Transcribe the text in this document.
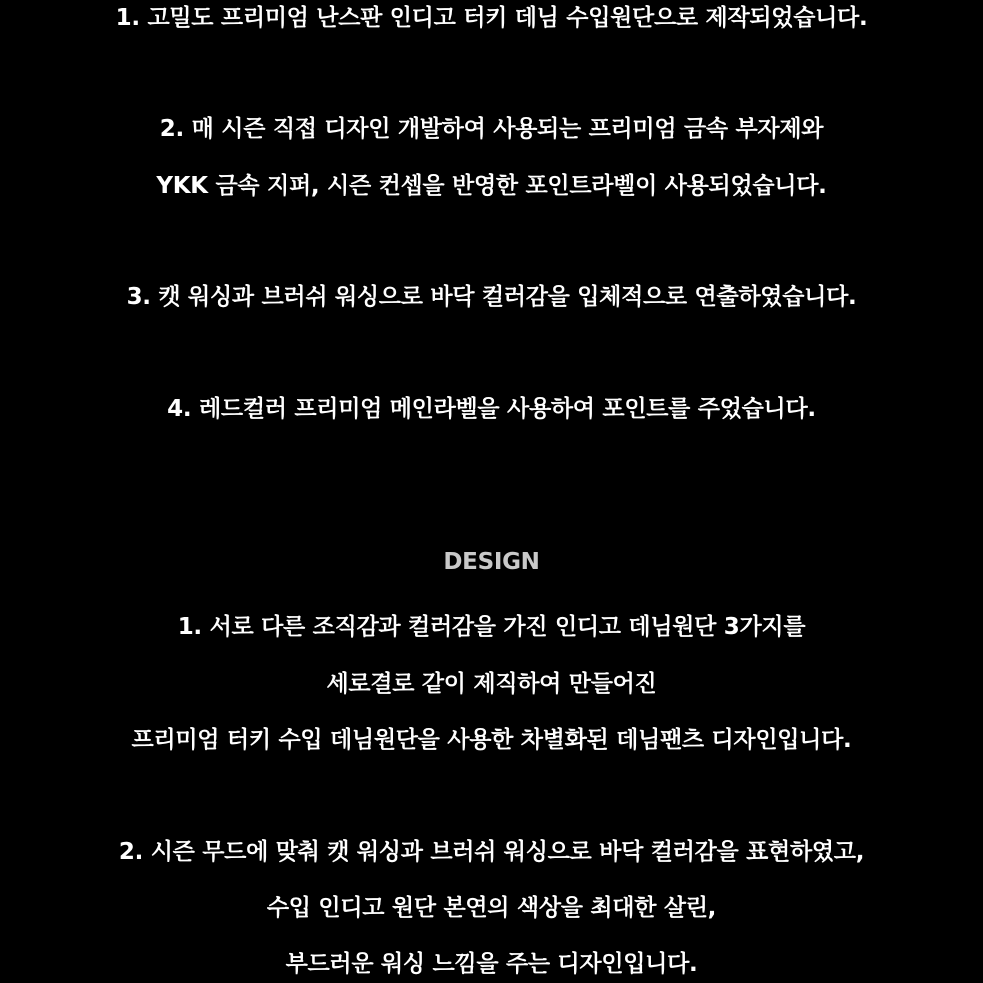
1. 고밀도 프리미엄 난스판 인디고 터키 데님 수입원단으로 제작되었습니다.
2. 매 시즌 직접 디자인 개발하여 사용되는 프리미엄 금속 부자제와
YKK 금속 지퍼, 시즌 컨셉을 반영한 포인트라벨이 사용되었습니다.
3. 캣 워싱과 브러쉬 워싱으로 바닥 컬러감을 입체적으로 연출하였습니다.
4. 레드컬러 프리미엄 메인라벨을 사용하여 포인트를 주었습니다.
DESIGN
1. 서로 다른 조직감과 컬러감을 가진 인디고 데님원단 3가지를
세로결로 같이 제직하여 만들어진
프리미엄 터키 수입 데님원단을 사용한 차별화된 데님팬츠 디자인입니다.
2. 시즌 무드에 맞춰 캣 워싱과 브러쉬 워싱으로 바닥 컬러감을 표현하였고,
수입 인디고 원단 본연의 색상을 최대한 살린,
부드러운 워싱 느낌을 주는 디자인입니다.
